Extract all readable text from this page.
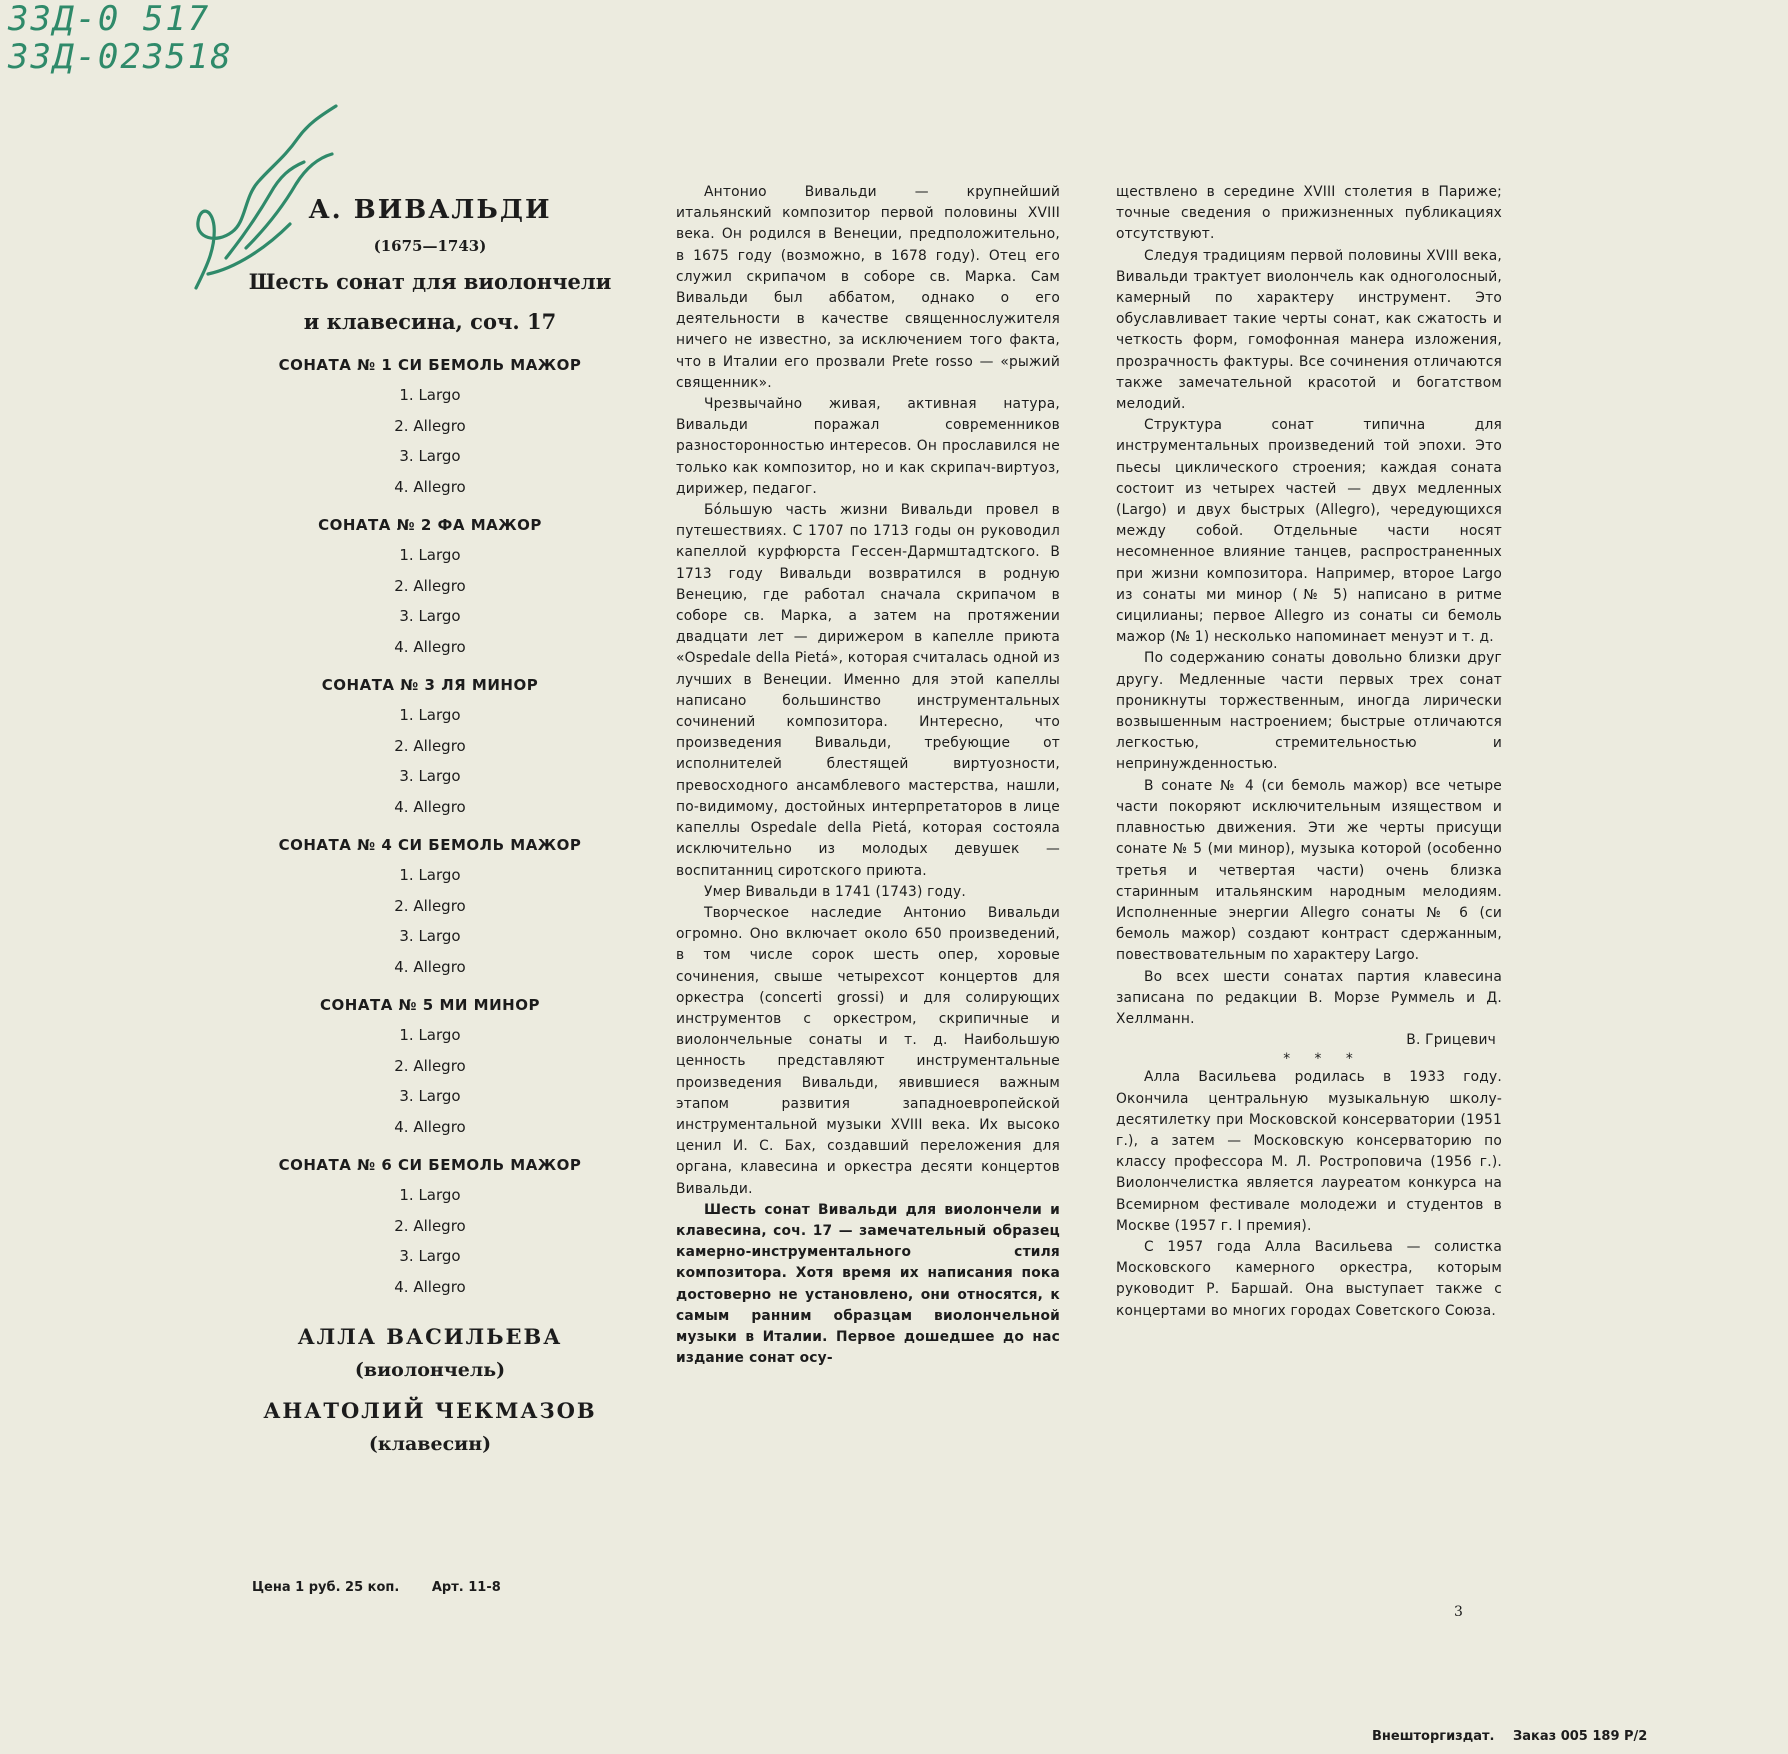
33Д-0 517
33Д-023518
А. ВИВАЛЬДИ
(1675—1743)
Шесть сонат для виолончели
и клавесина, соч. 17
СОНАТА № 1 СИ БЕМОЛЬ МАЖОР
1. Largo
2. Allegro
3. Largo
4. Allegro
СОНАТА № 2 ФА МАЖОР
1. Largo
2. Allegro
3. Largo
4. Allegro
СОНАТА № 3 ЛЯ МИНОР
1. Largo
2. Allegro
3. Largo
4. Allegro
СОНАТА № 4 СИ БЕМОЛЬ МАЖОР
1. Largo
2. Allegro
3. Largo
4. Allegro
СОНАТА № 5 МИ МИНОР
1. Largo
2. Allegro
3. Largo
4. Allegro
СОНАТА № 6 СИ БЕМОЛЬ МАЖОР
1. Largo
2. Allegro
3. Largo
4. Allegro
АЛЛА ВАСИЛЬЕВА
(виолончель)
АНАТОЛИЙ ЧЕКМАЗОВ
(клавесин)
Цена 1 руб. 25 коп.	Арт. 11-8

Антонио Вивальди — крупнейший итальянский композитор первой половины XVIII века. Он родился в Венеции, предположительно, в 1675 году (возможно, в 1678 году). Отец его служил скрипачом в соборе св. Марка. Сам Вивальди был аббатом, однако о его деятельности в качестве священнослужителя ничего не известно, за исключением того факта, что в Италии его прозвали Prete rosso — «рыжий священник».

Чрезвычайно живая, активная натура, Вивальди поражал современников разносторонностью интересов. Он прославился не только как композитор, но и как скрипач-виртуоз, дирижер, педагог.

Бóльшую часть жизни Вивальди провел в путешествиях. С 1707 по 1713 годы он руководил капеллой курфюрста Гессен-Дармштадтского. В 1713 году Вивальди возвратился в родную Венецию, где работал сначала скрипачом в соборе св. Марка, а затем на протяжении двадцати лет — дирижером в капелле приюта «Ospedale della Pietá», которая считалась одной из лучших в Венеции. Именно для этой капеллы написано большинство инструментальных сочинений композитора. Интересно, что произведения Вивальди, требующие от исполнителей блестящей виртуозности, превосходного ансамблевого мастерства, нашли, по-видимому, достойных интерпретаторов в лице капеллы Ospedale della Pietá, которая состояла исключительно из молодых девушек — воспитанниц сиротского приюта.

Умер Вивальди в 1741 (1743) году.

Творческое наследие Антонио Вивальди огромно. Оно включает около 650 произведений, в том числе сорок шесть опер, хоровые сочинения, свыше четырехсот концертов для оркестра (concerti grossi) и для солирующих инструментов с оркестром, скрипичные и виолончельные сонаты и т. д. Наибольшую ценность представляют инструментальные произведения Вивальди, явившиеся важным этапом развития западноевропейской инструментальной музыки XVIII века. Их высоко ценил И. С. Бах, создавший переложения для органа, клавесина и оркестра десяти концертов Вивальди.

Шесть сонат Вивальди для виолончели и клавесина, соч. 17 — замечательный образец камерно-инструментального стиля композитора. Хотя время их написания пока достоверно не установлено, они относятся, к самым ранним образцам виолончельной музыки в Италии. Первое дошедшее до нас издание сонат осу-

ществлено в середине XVIII столетия в Париже; точные сведения о прижизненных публикациях отсутствуют.

Следуя традициям первой половины XVIII века, Вивальди трактует виолончель как одноголосный, камерный по характеру инструмент. Это обуславливает такие черты сонат, как сжатость и четкость форм, гомофонная манера изложения, прозрачность фактуры. Все сочинения отличаются также замечательной красотой и богатством мелодий.

Структура сонат типична для инструментальных произведений той эпохи. Это пьесы циклического строения; каждая соната состоит из четырех частей — двух медленных (Largo) и двух быстрых (Allegro), чередующихся между собой. Отдельные части носят несомненное влияние танцев, распространенных при жизни композитора. Например, второе Largo из сонаты ми минор (№ 5) написано в ритме сицилианы; первое Allegro из сонаты си бемоль мажор (№ 1) несколько напоминает менуэт и т. д.

По содержанию сонаты довольно близки друг другу. Медленные части первых трех сонат проникнуты торжественным, иногда лирически возвышенным настроением; быстрые отличаются легкостью, стремительностью и непринужденностью.

В сонате № 4 (си бемоль мажор) все четыре части покоряют исключительным изяществом и плавностью движения. Эти же черты присущи сонате № 5 (ми минор), музыка которой (особенно третья и четвертая части) очень близка старинным итальянским народным мелодиям. Исполненные энергии Allegro сонаты № 6 (си бемоль мажор) создают контраст сдержанным, повествовательным по характеру Largo.

Во всех шести сонатах партия клавесина записана по редакции В. Морзе Руммель и Д. Хеллманн.

В. Грицевич

* * *

Алла Васильева родилась в 1933 году. Окончила центральную музыкальную школу-десятилетку при Московской консерватории (1951 г.), а затем — Московскую консерваторию по классу профессора М. Л. Ростроповича (1956 г.). Виолончелистка является лауреатом конкурса на Всемирном фестивале молодежи и студентов в Москве (1957 г. I премия).

С 1957 года Алла Васильева — солистка Московского камерного оркестра, которым руководит Р. Баршай. Она выступает также с концертами во многих городах Советского Союза.

3
Внешторгиздат. Заказ 005 189 Р/2
